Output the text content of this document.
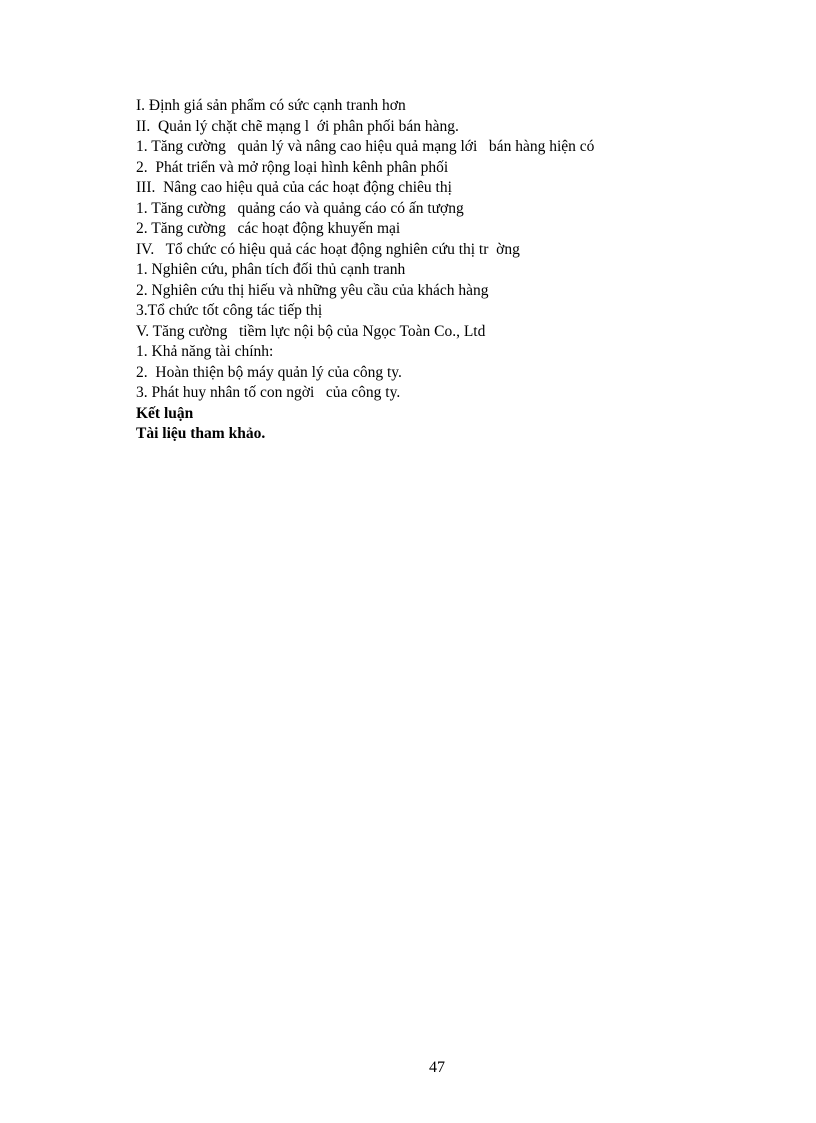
I. Định giá sản phẩm có sức cạnh tranh hơn

II.  Quản lý chặt chẽ mạng l  ới phân phối bán hàng.

1. Tăng cường   quản lý và nâng cao hiệu quả mạng lới   bán hàng hiện có

2.  Phát triển và mở rộng loại hình kênh phân phối

III.  Nâng cao hiệu quả của các hoạt động chiêu thị

1. Tăng cường   quảng cáo và quảng cáo có ấn tượng

2. Tăng cường   các hoạt động khuyến mại

IV.   Tổ chức có hiệu quả các hoạt động nghiên cứu thị tr  ờng

1. Nghiên cứu, phân tích đối thủ cạnh tranh

2. Nghiên cứu thị hiếu và những yêu cầu của khách hàng

3.Tổ chức tốt công tác tiếp thị

V. Tăng cường   tiềm lực nội bộ của Ngọc Toàn Co., Ltd

1. Khả năng tài chính:

2.  Hoàn thiện bộ máy quản lý của công ty.

3. Phát huy nhân tố con ngời   của công ty.

Kết luận

Tài liệu tham khảo.

47
